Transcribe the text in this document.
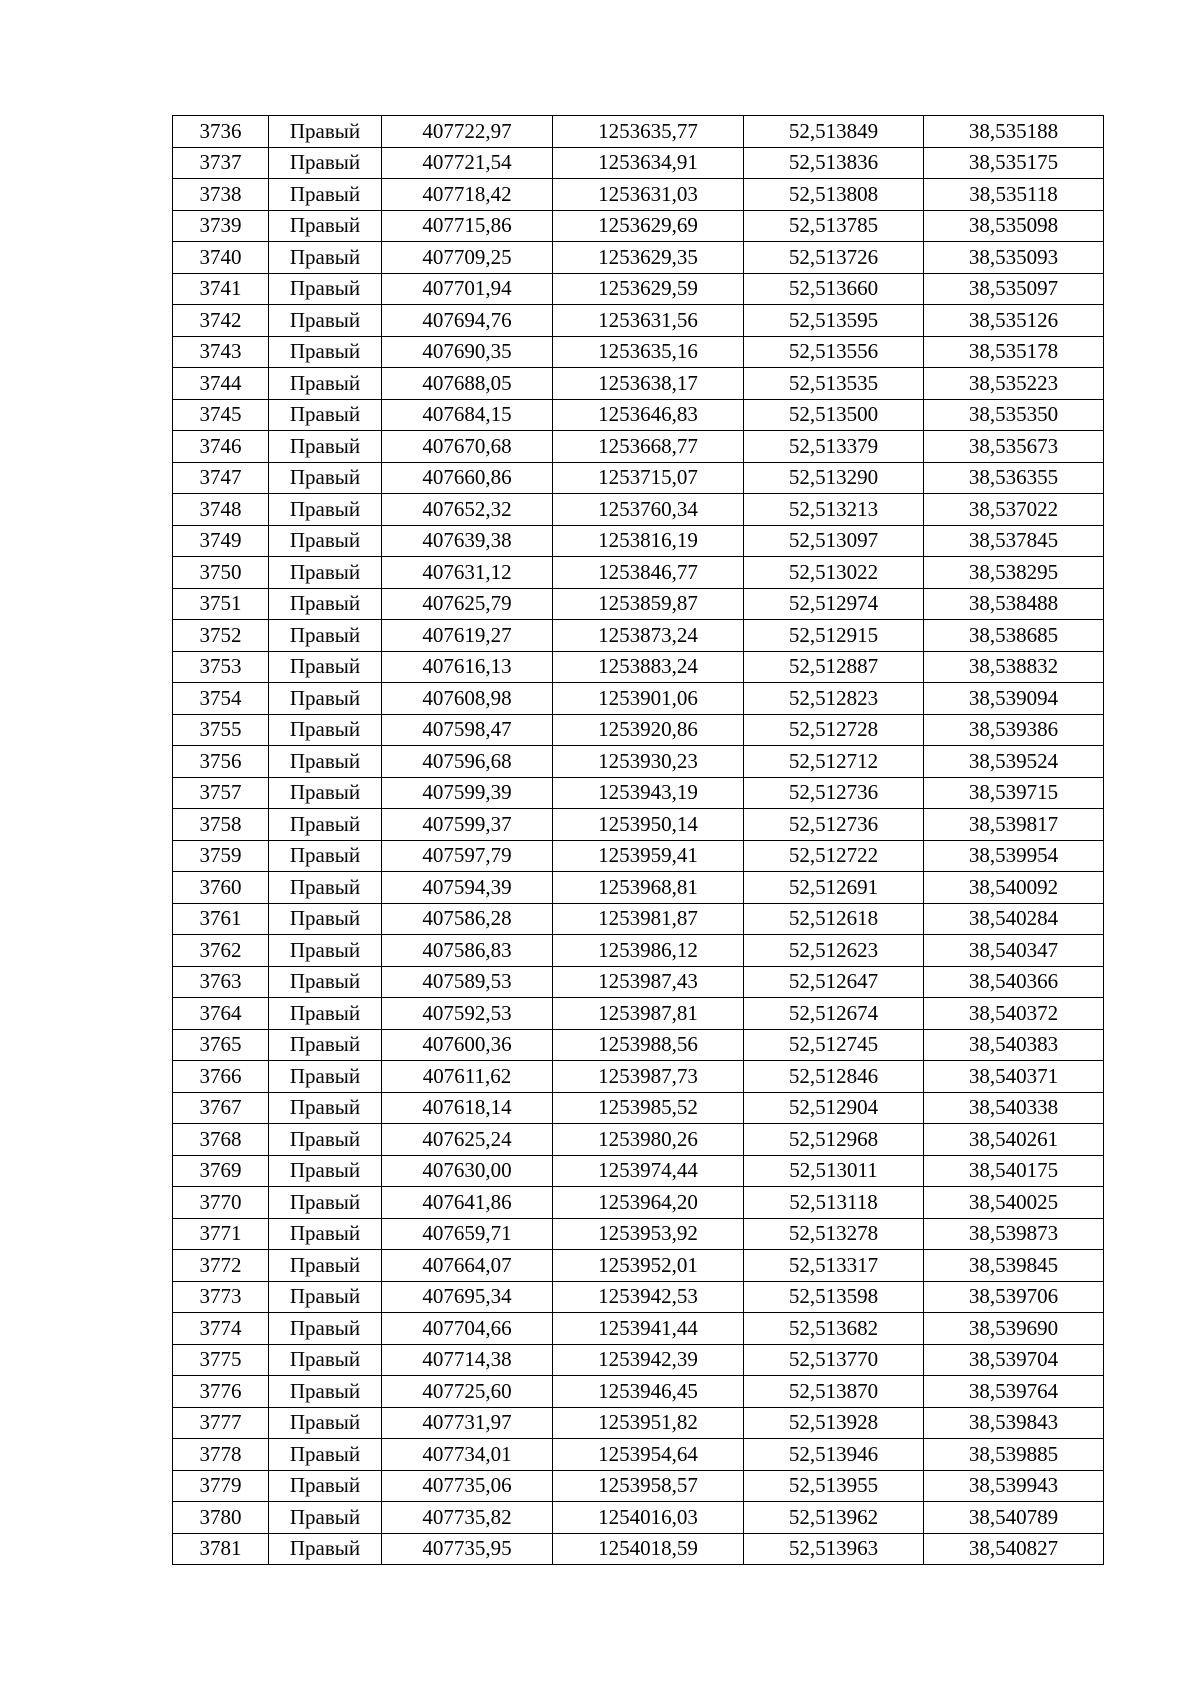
3736	Правый	407722,97	1253635,77	52,513849	38,535188
3737	Правый	407721,54	1253634,91	52,513836	38,535175
3738	Правый	407718,42	1253631,03	52,513808	38,535118
3739	Правый	407715,86	1253629,69	52,513785	38,535098
3740	Правый	407709,25	1253629,35	52,513726	38,535093
3741	Правый	407701,94	1253629,59	52,513660	38,535097
3742	Правый	407694,76	1253631,56	52,513595	38,535126
3743	Правый	407690,35	1253635,16	52,513556	38,535178
3744	Правый	407688,05	1253638,17	52,513535	38,535223
3745	Правый	407684,15	1253646,83	52,513500	38,535350
3746	Правый	407670,68	1253668,77	52,513379	38,535673
3747	Правый	407660,86	1253715,07	52,513290	38,536355
3748	Правый	407652,32	1253760,34	52,513213	38,537022
3749	Правый	407639,38	1253816,19	52,513097	38,537845
3750	Правый	407631,12	1253846,77	52,513022	38,538295
3751	Правый	407625,79	1253859,87	52,512974	38,538488
3752	Правый	407619,27	1253873,24	52,512915	38,538685
3753	Правый	407616,13	1253883,24	52,512887	38,538832
3754	Правый	407608,98	1253901,06	52,512823	38,539094
3755	Правый	407598,47	1253920,86	52,512728	38,539386
3756	Правый	407596,68	1253930,23	52,512712	38,539524
3757	Правый	407599,39	1253943,19	52,512736	38,539715
3758	Правый	407599,37	1253950,14	52,512736	38,539817
3759	Правый	407597,79	1253959,41	52,512722	38,539954
3760	Правый	407594,39	1253968,81	52,512691	38,540092
3761	Правый	407586,28	1253981,87	52,512618	38,540284
3762	Правый	407586,83	1253986,12	52,512623	38,540347
3763	Правый	407589,53	1253987,43	52,512647	38,540366
3764	Правый	407592,53	1253987,81	52,512674	38,540372
3765	Правый	407600,36	1253988,56	52,512745	38,540383
3766	Правый	407611,62	1253987,73	52,512846	38,540371
3767	Правый	407618,14	1253985,52	52,512904	38,540338
3768	Правый	407625,24	1253980,26	52,512968	38,540261
3769	Правый	407630,00	1253974,44	52,513011	38,540175
3770	Правый	407641,86	1253964,20	52,513118	38,540025
3771	Правый	407659,71	1253953,92	52,513278	38,539873
3772	Правый	407664,07	1253952,01	52,513317	38,539845
3773	Правый	407695,34	1253942,53	52,513598	38,539706
3774	Правый	407704,66	1253941,44	52,513682	38,539690
3775	Правый	407714,38	1253942,39	52,513770	38,539704
3776	Правый	407725,60	1253946,45	52,513870	38,539764
3777	Правый	407731,97	1253951,82	52,513928	38,539843
3778	Правый	407734,01	1253954,64	52,513946	38,539885
3779	Правый	407735,06	1253958,57	52,513955	38,539943
3780	Правый	407735,82	1254016,03	52,513962	38,540789
3781	Правый	407735,95	1254018,59	52,513963	38,540827
